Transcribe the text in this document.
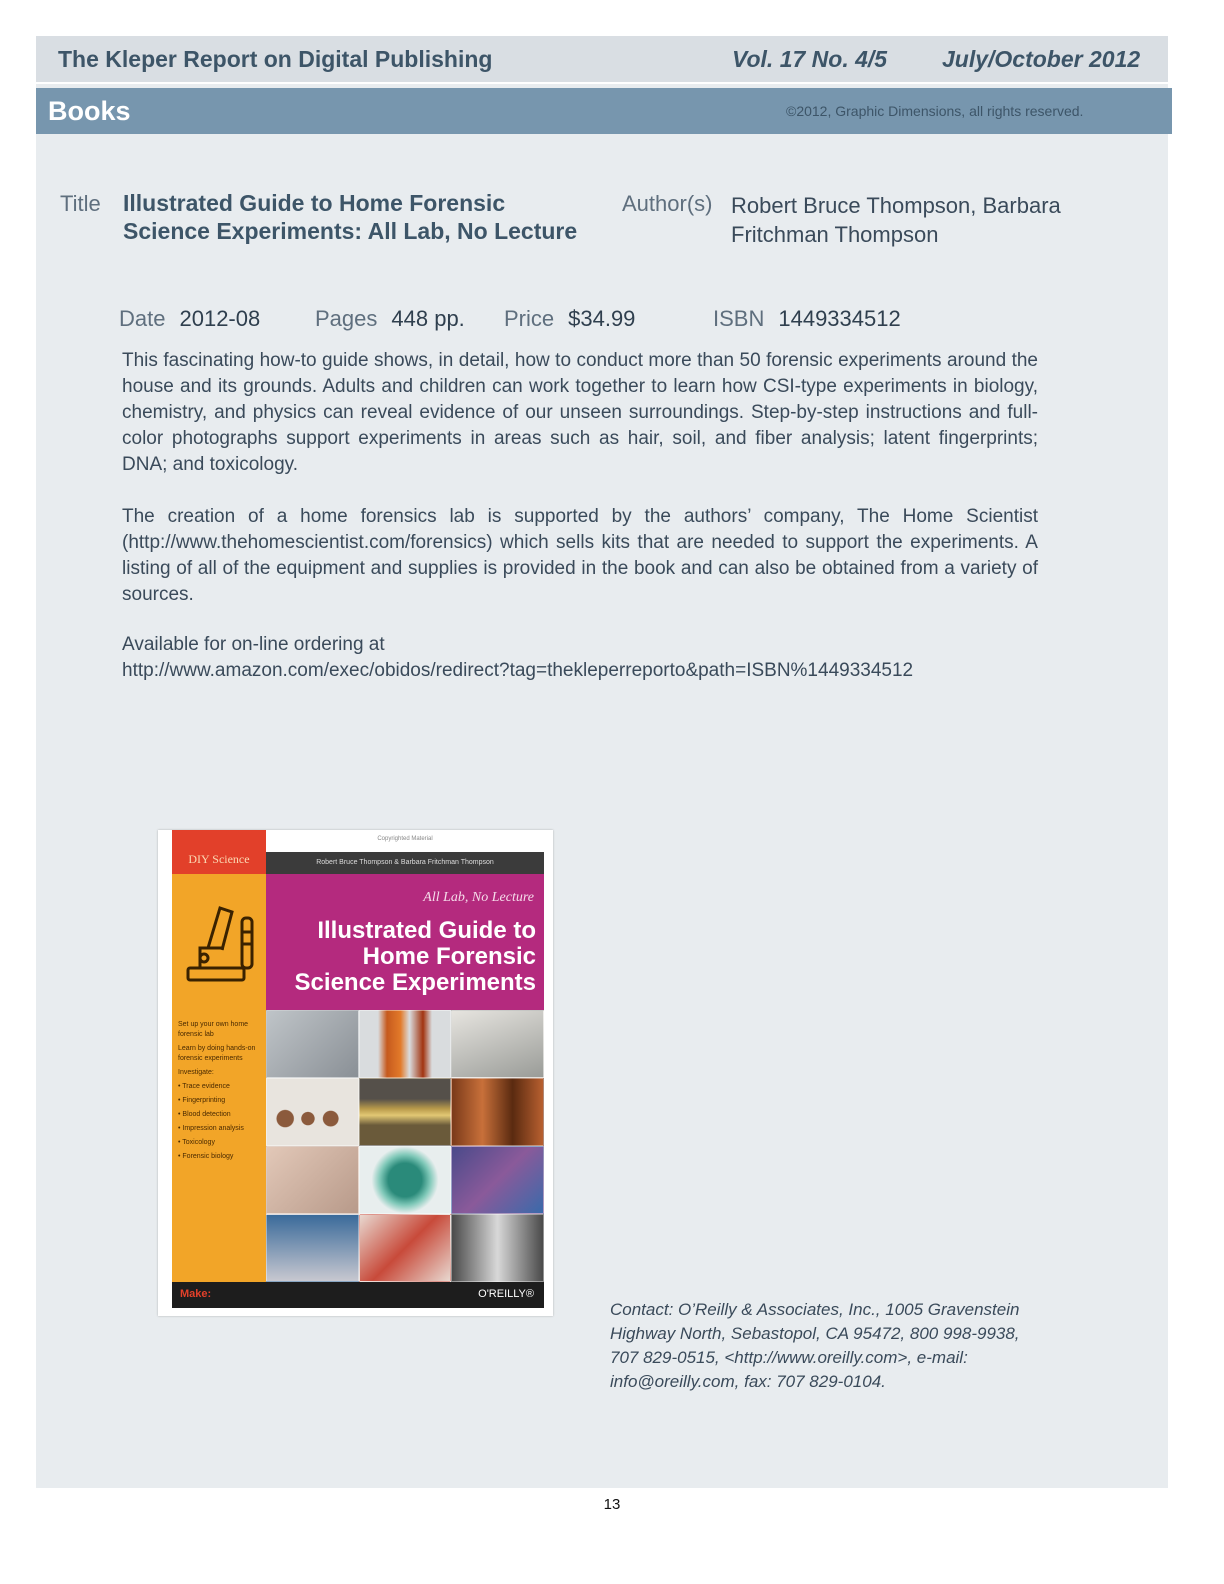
The Kleper Report on Digital Publishing	Vol. 17 No. 4/5 July/October 2012
Books	©2012, Graphic Dimensions, all rights reserved.
Title Illustrated Guide to Home Forensic Science Experiments: All Lab, No Lecture
Author(s) Robert Bruce Thompson, Barbara Fritchman Thompson
Date 2012-08 Pages 448 pp. Price $34.99	ISBN 1449334512

This fascinating how-to guide shows, in detail, how to conduct more than 50 forensic experiments around the house and its grounds. Adults and children can work together to learn how CSI-type experiments in biology, chemistry, and physics can reveal evidence of our unseen surroundings. Step-by-step instructions and full-color photographs support experiments in areas such as hair, soil, and fiber analysis; latent fingerprints; DNA; and toxicology.

The creation of a home forensics lab is supported by the authors’ company, The Home Scientist (http://www.thehomescientist.com/forensics) which sells kits that are needed to support the experiments. A listing of all of the equipment and supplies is provided in the book and can also be obtained from a variety of sources.

Available for on-line ordering at
http://www.amazon.com/exec/obidos/redirect?tag=thekleperreporto&path=ISBN%1449334512
Copyrighted Material
DIY Science
Set up your own home forensic lab
Learn by doing hands-on forensic experiments
Investigate:
• Trace evidence
• Fingerprinting
• Blood detection
• Impression analysis
• Toxicology
• Forensic biology
Robert Bruce Thompson & Barbara Fritchman Thompson
All Lab, No Lecture
Illustrated Guide to Home Forensic Science Experiments
Make:	O'REILLY®
Contact: O’Reilly & Associates, Inc., 1005 Gravenstein Highway North, Sebastopol, CA 95472, 800 998-9938, 707 829-0515, <http://www.oreilly.com>, e-mail: info@oreilly.com, fax: 707 829-0104.
13
